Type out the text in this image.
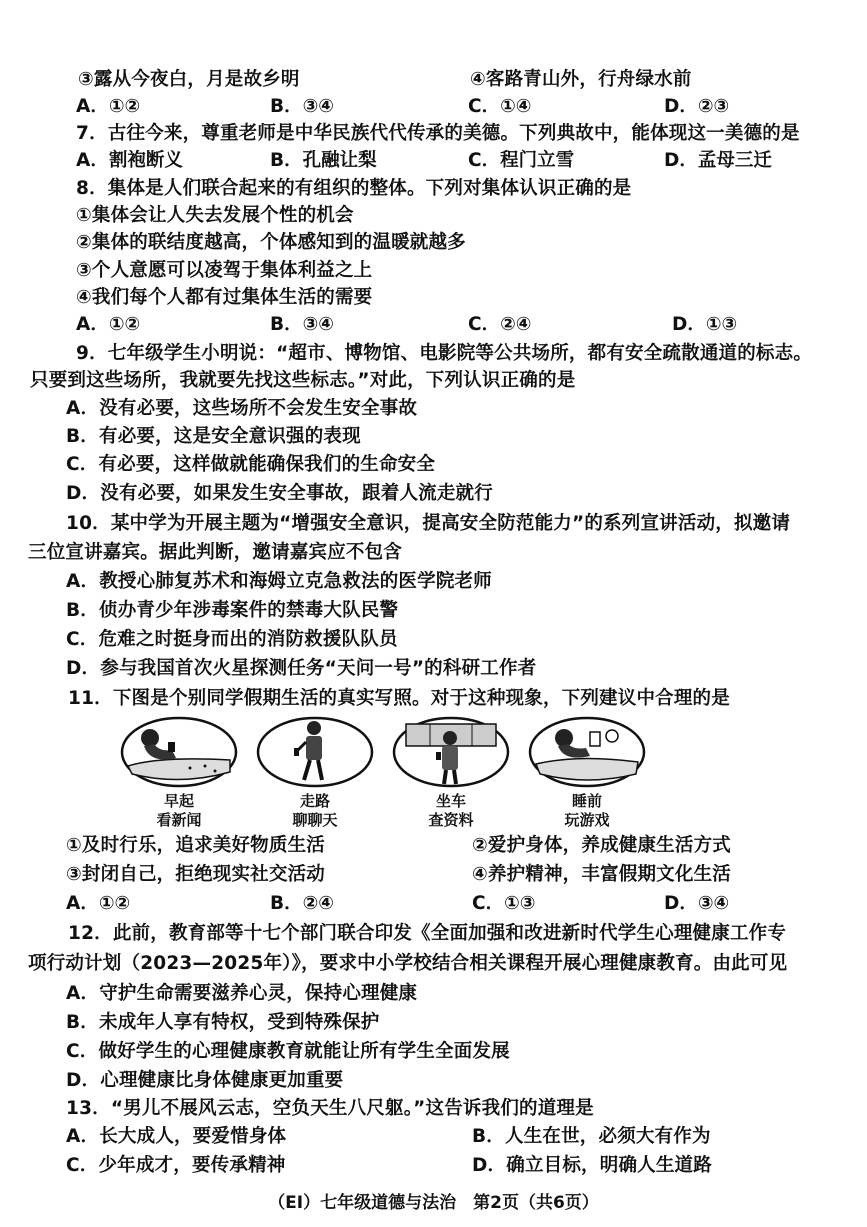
③露从今夜白，月是故乡明	④客路青山外，行舟绿水前
A．①②	B．③④	C．①④	D．②③
7．古往今来，尊重老师是中华民族代代传承的美德。下列典故中，能体现这一美德的是
A．割袍断义	B．孔融让梨	C．程门立雪	D．孟母三迁
8．集体是人们联合起来的有组织的整体。下列对集体认识正确的是
①集体会让人失去发展个性的机会
②集体的联结度越高，个体感知到的温暖就越多
③个人意愿可以凌驾于集体利益之上
④我们每个人都有过集体生活的需要
A．①②	B．③④	C．②④	D．①③
9．七年级学生小明说：“超市、博物馆、电影院等公共场所，都有安全疏散通道的标志。
只要到这些场所，我就要先找这些标志。”对此，下列认识正确的是
A．没有必要，这些场所不会发生安全事故
B．有必要，这是安全意识强的表现
C．有必要，这样做就能确保我们的生命安全
D．没有必要，如果发生安全事故，跟着人流走就行
10．某中学为开展主题为“增强安全意识，提高安全防范能力”的系列宣讲活动，拟邀请
三位宣讲嘉宾。据此判断，邀请嘉宾应不包含
A．教授心肺复苏术和海姆立克急救法的医学院老师
B．侦办青少年涉毒案件的禁毒大队民警
C．危难之时挺身而出的消防救援队队员
D．参与我国首次火星探测任务“天问一号”的科研工作者
11．下图是个别同学假期生活的真实写照。对于这种现象，下列建议中合理的是
早起
看新闻
走路
聊聊天
坐车
查资料
睡前
玩游戏
①及时行乐，追求美好物质生活	②爱护身体，养成健康生活方式
③封闭自己，拒绝现实社交活动	④养护精神，丰富假期文化生活
A．①②	B．②④	C．①③	D．③④
12．此前，教育部等十七个部门联合印发《全面加强和改进新时代学生心理健康工作专
项行动计划（2023—2025年）》，要求中小学校结合相关课程开展心理健康教育。由此可见
A．守护生命需要滋养心灵，保持心理健康
B．未成年人享有特权，受到特殊保护
C．做好学生的心理健康教育就能让所有学生全面发展
D．心理健康比身体健康更加重要
13．“男儿不展风云志，空负天生八尺躯。”这告诉我们的道理是
A．长大成人，要爱惜身体	B．人生在世，必须大有作为
C．少年成才，要传承精神	D．确立目标，明确人生道路
（EI）七年级道德与法治　第2页（共6页）
